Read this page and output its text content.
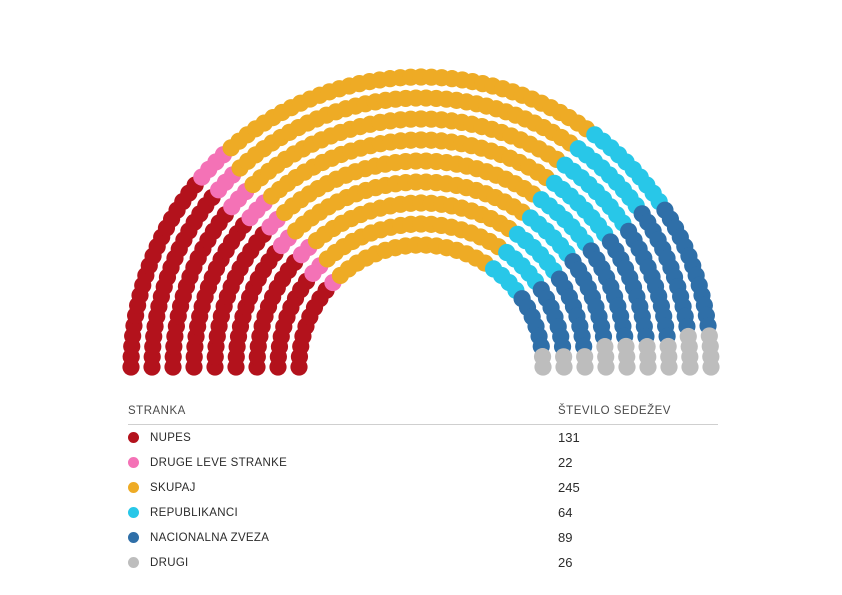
STRANKA	ŠTEVILO SEDEŽEV
NUPES	131
DRUGE LEVE STRANKE	22
SKUPAJ	245
REPUBLIKANCI	64
NACIONALNA ZVEZA	89
DRUGI	26
